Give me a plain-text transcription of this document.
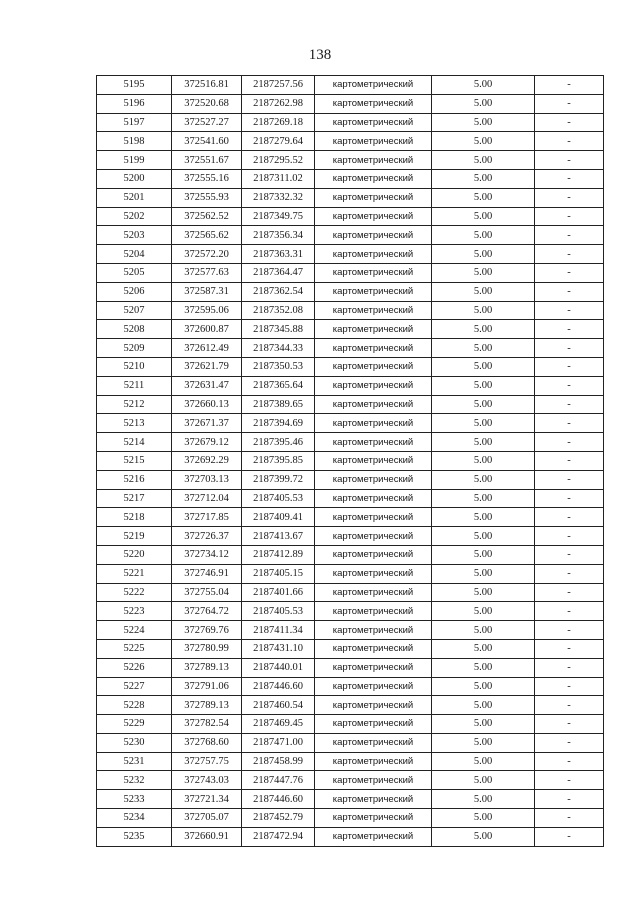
138
5195	372516.81	2187257.56	картометрический	5.00	-
5196	372520.68	2187262.98	картометрический	5.00	-
5197	372527.27	2187269.18	картометрический	5.00	-
5198	372541.60	2187279.64	картометрический	5.00	-
5199	372551.67	2187295.52	картометрический	5.00	-
5200	372555.16	2187311.02	картометрический	5.00	-
5201	372555.93	2187332.32	картометрический	5.00	-
5202	372562.52	2187349.75	картометрический	5.00	-
5203	372565.62	2187356.34	картометрический	5.00	-
5204	372572.20	2187363.31	картометрический	5.00	-
5205	372577.63	2187364.47	картометрический	5.00	-
5206	372587.31	2187362.54	картометрический	5.00	-
5207	372595.06	2187352.08	картометрический	5.00	-
5208	372600.87	2187345.88	картометрический	5.00	-
5209	372612.49	2187344.33	картометрический	5.00	-
5210	372621.79	2187350.53	картометрический	5.00	-
5211	372631.47	2187365.64	картометрический	5.00	-
5212	372660.13	2187389.65	картометрический	5.00	-
5213	372671.37	2187394.69	картометрический	5.00	-
5214	372679.12	2187395.46	картометрический	5.00	-
5215	372692.29	2187395.85	картометрический	5.00	-
5216	372703.13	2187399.72	картометрический	5.00	-
5217	372712.04	2187405.53	картометрический	5.00	-
5218	372717.85	2187409.41	картометрический	5.00	-
5219	372726.37	2187413.67	картометрический	5.00	-
5220	372734.12	2187412.89	картометрический	5.00	-
5221	372746.91	2187405.15	картометрический	5.00	-
5222	372755.04	2187401.66	картометрический	5.00	-
5223	372764.72	2187405.53	картометрический	5.00	-
5224	372769.76	2187411.34	картометрический	5.00	-
5225	372780.99	2187431.10	картометрический	5.00	-
5226	372789.13	2187440.01	картометрический	5.00	-
5227	372791.06	2187446.60	картометрический	5.00	-
5228	372789.13	2187460.54	картометрический	5.00	-
5229	372782.54	2187469.45	картометрический	5.00	-
5230	372768.60	2187471.00	картометрический	5.00	-
5231	372757.75	2187458.99	картометрический	5.00	-
5232	372743.03	2187447.76	картометрический	5.00	-
5233	372721.34	2187446.60	картометрический	5.00	-
5234	372705.07	2187452.79	картометрический	5.00	-
5235	372660.91	2187472.94	картометрический	5.00	-
